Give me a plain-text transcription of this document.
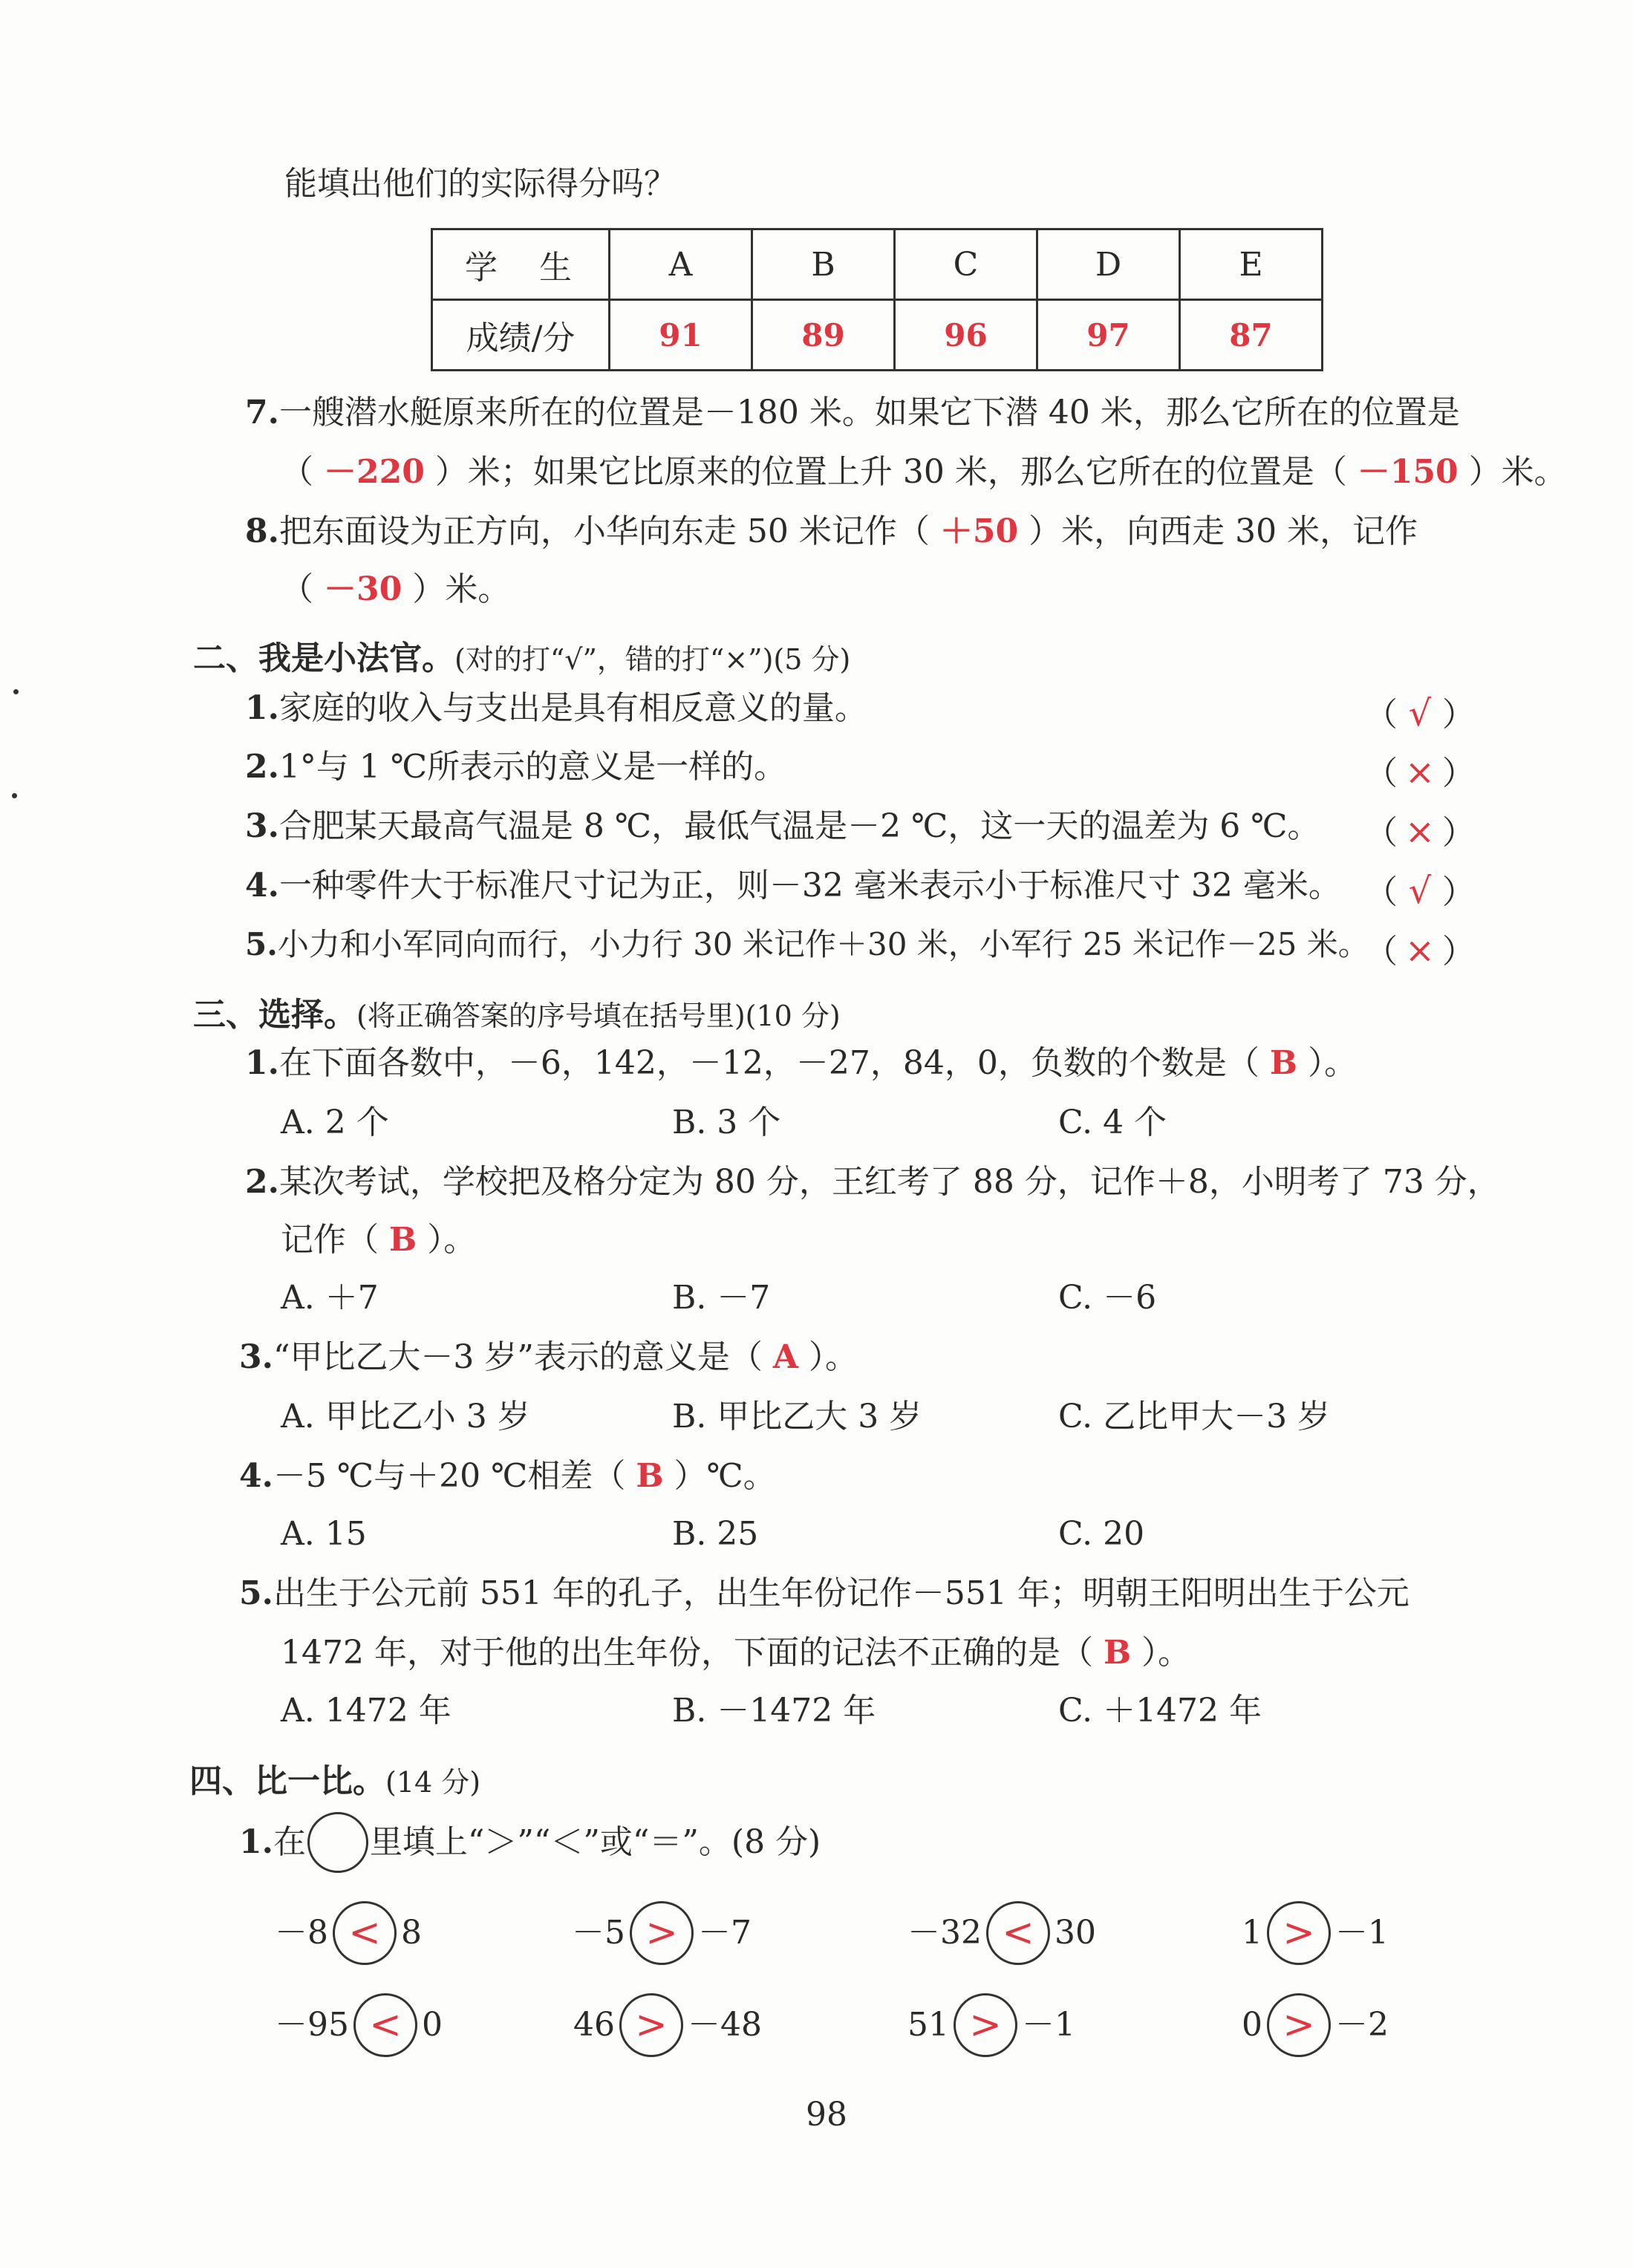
能填出他们的实际得分吗？
学　生	A	B	C	D	E
成绩/分	91	89	96	97	87
7.一艘潜水艇原来所在的位置是－180 米。如果它下潜 40 米，那么它所在的位置是
（ －220 ）米；如果它比原来的位置上升 30 米，那么它所在的位置是（ －150 ）米。
8.把东面设为正方向，小华向东走 50 米记作（ ＋50 ）米，向西走 30 米，记作
（ －30 ）米。
二、我是小法官。(对的打“√”，错的打“×”)(5 分)
1.家庭的收入与支出是具有相反意义的量。	（ √ ）
2.1°与 1 ℃所表示的意义是一样的。	（ × ）
3.合肥某天最高气温是 8 ℃，最低气温是－2 ℃，这一天的温差为 6 ℃。 （ × ）
4.一种零件大于标准尺寸记为正，则－32 毫米表示小于标准尺寸 32 毫米。 （ √ ）
5.小力和小军同向而行，小力行 30 米记作＋30 米，小军行 25 米记作－25 米。
（ × ）
三、选择。(将正确答案的序号填在括号里)(10 分)
1.在下面各数中，－6，142，－12，－27，84，0，负数的个数是（ B ）。
A. 2 个	B. 3 个	C. 4 个
2.某次考试，学校把及格分定为 80 分，王红考了 88 分，记作＋8，小明考了 73 分，
记作（ B ）。
A. ＋7	B. －7	C. －6
3.“甲比乙大－3 岁”表示的意义是（ A ）。
A. 甲比乙小 3 岁	B. 甲比乙大 3 岁	C. 乙比甲大－3 岁
4.－5 ℃与＋20 ℃相差（ B ）℃。
A. 15	B. 25	C. 20
5.出生于公元前 551 年的孔子，出生年份记作－551 年；明朝王阳明出生于公元
1472 年，对于他的出生年份，下面的记法不正确的是（ B ）。
A. 1472 年	B. －1472 年	C. ＋1472 年
四、比一比。(14 分)
1. 在 里填上“＞”“＜”或“＝”。(8 分)
－8 < 8	－5 > －7	－32 < 30	1 > －1
－95 < 0	46 > －48	51 > －1	0 > －2
98
